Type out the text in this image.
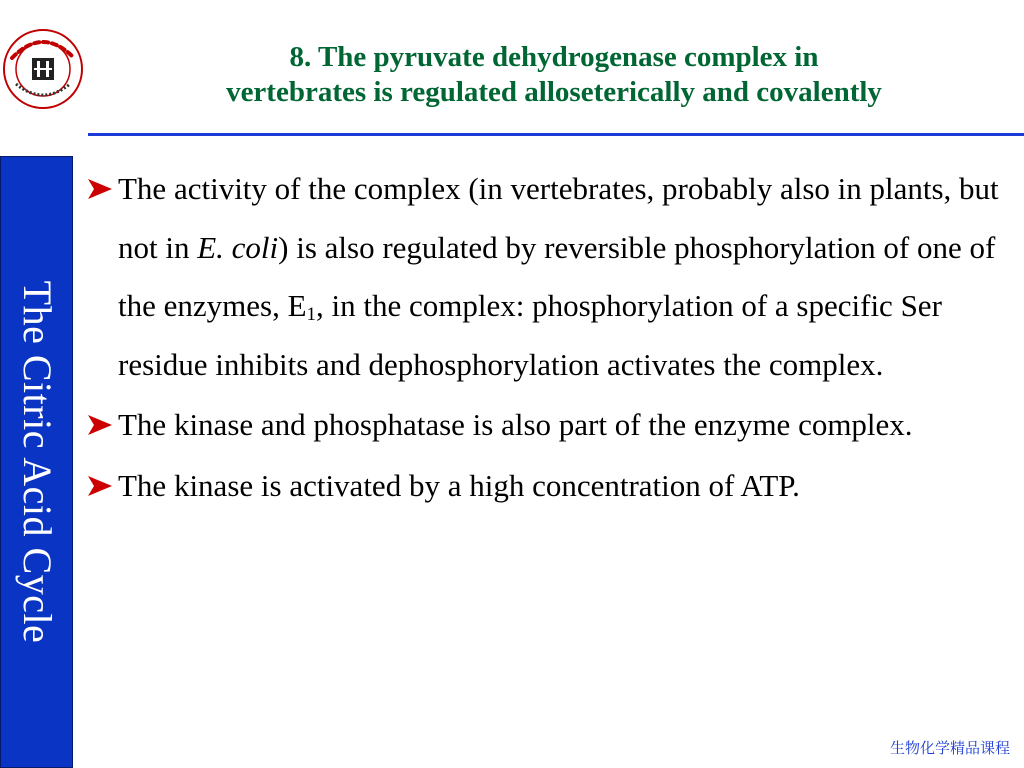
8. The pyruvate dehydrogenase complex in
vertebrates is regulated alloseterically and covalently
The Citric Acid Cycle
The activity of the complex (in vertebrates, probably also in plants, but not in E. coli) is also regulated by reversible phosphorylation of one of the enzymes, $E_1$, in the complex: phosphorylation of a specific Ser residue inhibits and dephosphorylation activates the complex.
The kinase and phosphatase is also part of the enzyme complex.
The kinase is activated by a high concentration of ATP.
生物化学精品课程
